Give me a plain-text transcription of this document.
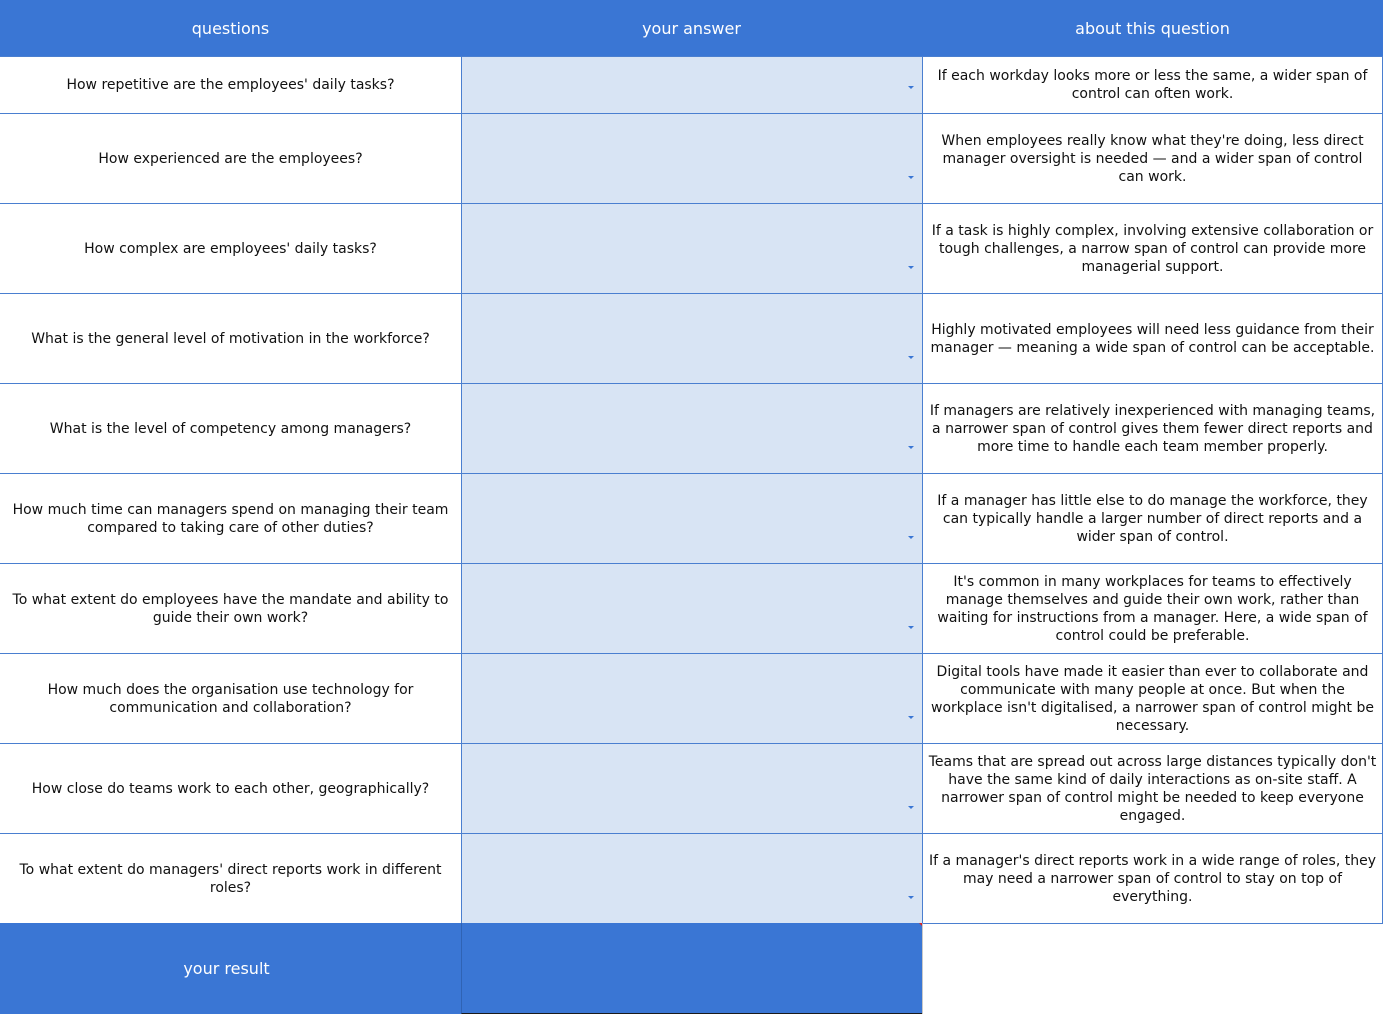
questions	your answer	about this question
How repetitive are the employees' daily tasks?
If each workday looks more or less the same, a wider span of control can often work.
How experienced are the employees?
When employees really know what they're doing, less direct manager oversight is needed — and a wider span of control can work.
How complex are employees' daily tasks?
If a task is highly complex, involving extensive collaboration or tough challenges, a narrow span of control can provide more managerial support.
What is the general level of motivation in the workforce?
Highly motivated employees will need less guidance from their manager — meaning a wide span of control can be acceptable.
What is the level of competency among managers?
If managers are relatively inexperienced with managing teams, a narrower span of control gives them fewer direct reports and more time to handle each team member properly.
How much time can managers spend on managing their team compared to taking care of other duties?
If a manager has little else to do manage the workforce, they can typically handle a larger number of direct reports and a wider span of control.
To what extent do employees have the mandate and ability to guide their own work?
It's common in many workplaces for teams to effectively manage themselves and guide their own work, rather than waiting for instructions from a manager. Here, a wide span of control could be preferable.
How much does the organisation use technology for communication and collaboration?
Digital tools have made it easier than ever to collaborate and communicate with many people at once. But when the workplace isn't digitalised, a narrower span of control might be necessary.
How close do teams work to each other, geographically?
Teams that are spread out across large distances typically don't have the same kind of daily interactions as on-site staff. A narrower span of control might be needed to keep everyone engaged.
To what extent do managers' direct reports work in different roles?
If a manager's direct reports work in a wide range of roles, they may need a narrower span of control to stay on top of everything.
your result
